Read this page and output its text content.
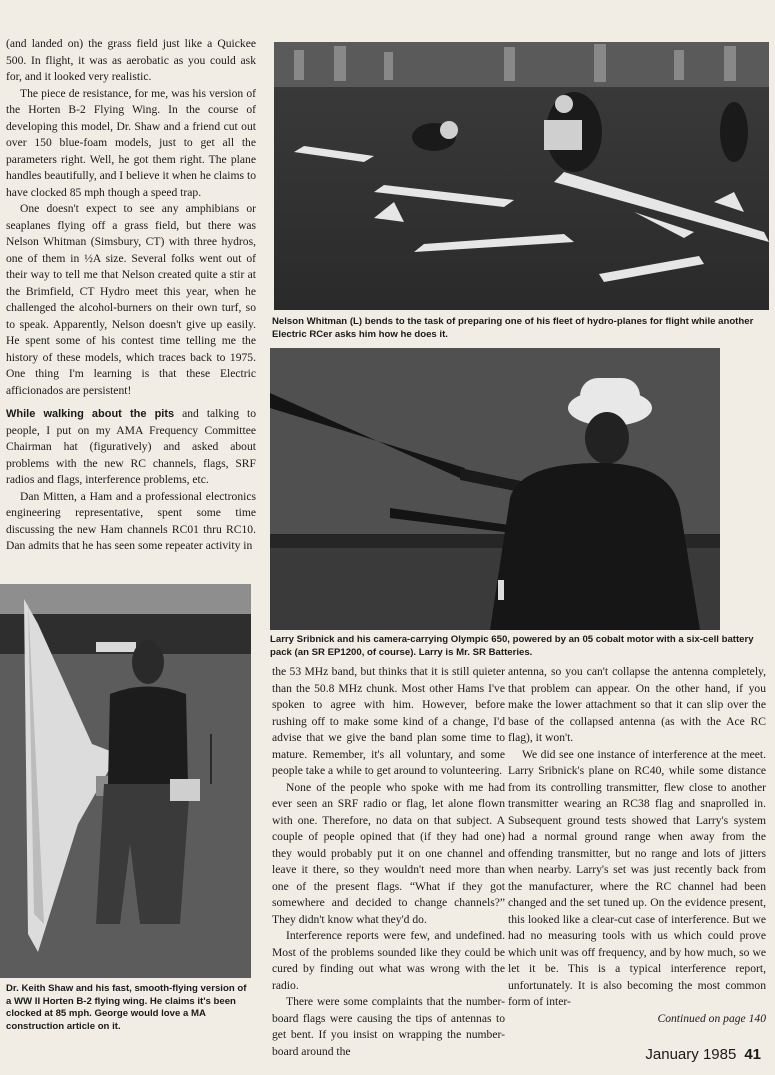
(and landed on) the grass field just like a Quickee 500. In flight, it was as aerobatic as you could ask for, and it looked very realistic.

The piece de resistance, for me, was his version of the Horten B-2 Flying Wing. In the course of developing this model, Dr. Shaw and a friend cut out over 150 blue-foam models, just to get all the parameters right. Well, he got them right. The plane handles beautifully, and I believe it when he claims to have clocked 85 mph though a speed trap.

One doesn't expect to see any amphibians or seaplanes flying off a grass field, but there was Nelson Whitman (Simsbury, CT) with three hydros, one of them in ½A size. Several folks went out of their way to tell me that Nelson created quite a stir at the Brimfield, CT Hydro meet this year, when he challenged the alcohol-burners on their own turf, so to speak. Apparently, Nelson doesn't give up easily. He spent some of his contest time telling me the history of these models, which traces back to 1975. One thing I'm learning is that these Electric afficionados are persistent!

While walking about the pits and talking to people, I put on my AMA Frequency Committee Chairman hat (figuratively) and asked about problems with the new RC channels, flags, SRF radios and flags, interference problems, etc.

Dan Mitten, a Ham and a professional electronics engineering representative, spent some time discussing the new Ham channels RC01 thru RC10. Dan admits that he has seen some repeater activity in

Nelson Whitman (L) bends to the task of preparing one of his fleet of hydro-planes for flight while another Electric RCer asks him how he does it.
Larry Sribnick and his camera-carrying Olympic 650, powered by an 05 cobalt motor with a six-cell battery pack (an SR EP1200, of course). Larry is Mr. SR Batteries.
Dr. Keith Shaw and his fast, smooth-flying version of a WW II Horten B-2 flying wing. He claims it's been clocked at 85 mph. George would love a MA construction article on it.

the 53 MHz band, but thinks that it is still quieter than the 50.8 MHz chunk. Most other Hams I've spoken to agree with him. However, before rushing off to make some kind of a change, I'd advise that we give the band plan some time to mature. Remember, it's all voluntary, and some people take a while to get around to volunteering.

None of the people who spoke with me had ever seen an SRF radio or flag, let alone flown with one. Therefore, no data on that subject. A couple of people opined that (if they had one) they would probably put it on one channel and leave it there, so they wouldn't need more than one of the present flags. “What if they got somewhere and decided to change channels?” They didn't know what they'd do.

Interference reports were few, and undefined. Most of the problems sounded like they could be cured by finding out what was wrong with the radio.

There were some complaints that the number-board flags were causing the tips of antennas to get bent. If you insist on wrapping the number-board around the

antenna, so you can't collapse the antenna completely, that problem can appear. On the other hand, if you make the lower attachment so that it can slip over the base of the collapsed antenna (as with the Ace RC flag), it won't.

We did see one instance of interference at the meet. Larry Sribnick's plane on RC40, while some distance from its controlling transmitter, flew close to another transmitter wearing an RC38 flag and snaprolled in. Subsequent ground tests showed that Larry's system had a normal ground range when away from the offending transmitter, but no range and lots of jitters when nearby. Larry's set was just recently back from the manufacturer, where the RC channel had been changed and the set tuned up. On the evidence present, this looked like a clear-cut case of interference. But we had no measuring tools with us which could prove which unit was off frequency, and by how much, so we let it be. This is a typical interference report, unfortunately. It is also becoming the most common form of inter-

Continued on page 140
January 1985 41
